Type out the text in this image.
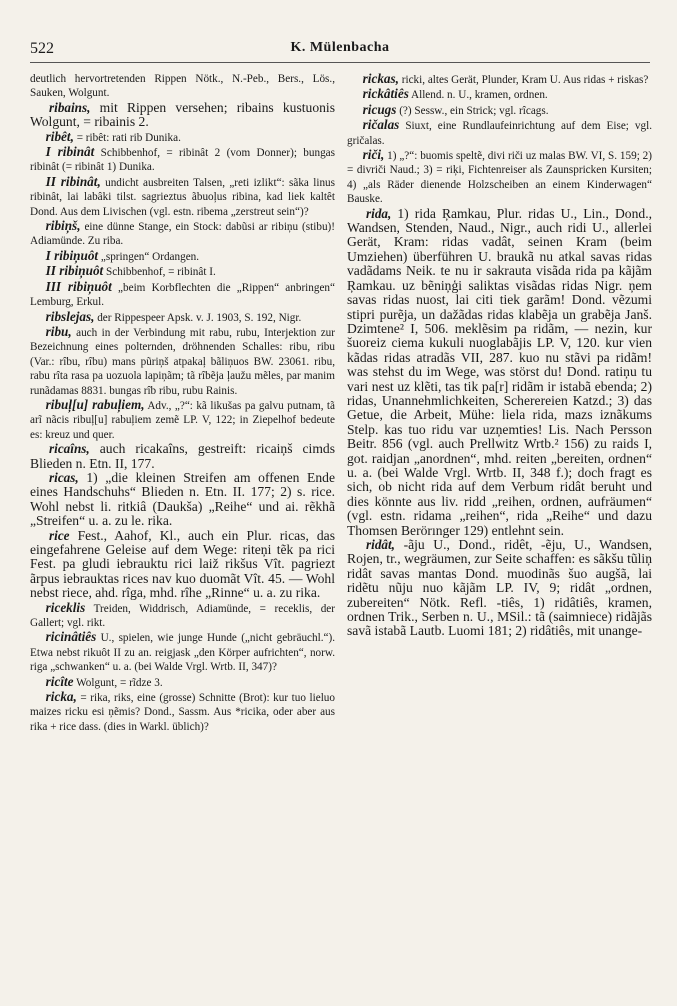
522	K. Mülenbacha

deutlich hervortretenden Rippen Nötk., N.-Peb., Bers., Lös., Sauken, Wolgunt.

ribains, mit Rippen versehen; ribains kustuonis Wolgunt, = ribainis 2.

ribêt, = ribêt: rati rib Dunika.

I ribinât Schibbenhof, = ribinât 2 (vom Donner); bungas ribinât (= ribinât 1) Dunika.

II ribinât, undicht ausbreiten Talsen, „reti izlikt“: sãka linus ribinât, lai labâki tilst. sagrieztus ãbuoļus ribina, kad liek kaltêt Dond. Aus dem Livischen (vgl. estn. ribema „zerstreut sein“)?

ribiņš, eine dünne Stange, ein Stock: dabũsi ar ribiņu (stibu)! Adiamünde. Zu riba.

I ribiņuôt „springen“ Ordangen.

II ribiņuôt Schibbenhof, = ribinât I.

III ribiņuôt „beim Korbflechten die „Rippen“ anbringen“ Lemburg, Erkul.

ribslejas, der Rippespeer Apsk. v. J. 1903, S. 192, Nigr.

ribu, auch in der Verbindung mit rabu, rubu, Interjektion zur Bezeichnung eines polternden, dröhnenden Schalles: ribu, ribu (Var.: rîbu, rîbu) mans pũriņš atpakaļ bãliņuos BW. 23061. ribu, rabu rîta rasa pa uozuola lapiņãm; tã rîbẽja ļaužu mẽles, par manim runãdamas 8831. bungas rîb ribu, rubu Rainis.

ribuļ[u] rabuļiem, Adv., „?“: kã likušas pa galvu putnam, tã arĩ nãcis ribuļ[u] rabuļiem zemẽ LP. V, 122; in Ziepelhof bedeute es: kreuz und quer.

ricaîns, auch ricakaîns, gestreift: ricaiņš cimds Blieden n. Etn. II, 177.

ricas, 1) „die kleinen Streifen am offenen Ende eines Handschuhs“ Blieden n. Etn. II. 177; 2) s. rice. Wohl nebst li. ritkiâ (Daukša) „Reihe“ und ai. rẽkhã „Streifen“ u. a. zu le. rika.

rice Fest., Aahof, Kl., auch ein Plur. ricas, das eingefahrene Geleise auf dem Wege: riteņi tẽk pa rici Fest. pa gludi iebrauktu rici laiž rikšus Vît. pagriezt ãrpus iebrauktas rices nav kuo duomãt Vît. 45. — Wohl nebst riece, ahd. rîga, mhd. rîhe „Rinne“ u. a. zu rika.

riceklis Treiden, Widdrisch, Adiamünde, = receklis, der Gallert; vgl. rikt.

ricinâtiês U., spielen, wie junge Hunde („nicht gebräuchl.“). Etwa nebst rikuôt II zu an. reigjask „den Körper aufrichten“, norw. riga „schwanken“ u. a. (bei Walde Vrgl. Wrtb. II, 347)?

ricîte Wolgunt, = rĩdze 3.

ricka, = rika, riks, eine (grosse) Schnitte (Brot): kur tuo lieluo maizes ricku esi ņẽmis? Dond., Sassm. Aus *ricika, oder aber aus rika + rice dass. (dies in Warkl. üblich)?

rickas, ricki, altes Gerät, Plunder, Kram U. Aus ridas + riskas?

rickâtiês Allend. n. U., kramen, ordnen.

ricugs (?) Sessw., ein Strick; vgl. rîcags.

ričalas Siuxt, eine Rundlaufeinrichtung auf dem Eise; vgl. gričalas.

riči, 1) „?“: buomis speltẽ, divi riči uz malas BW. VI, S. 159; 2) = divriči Naud.; 3) = riķi, Fichtenreiser als Zaunspricken Kursiten; 4) „als Räder dienende Holzscheiben an einem Kinderwagen“ Bauske.

rida, 1) rida Ŗamkau, Plur. ridas U., Lin., Dond., Wandsen, Stenden, Naud., Nigr., auch ridi U., allerlei Gerät, Kram: ridas vadât, seinen Kram (beim Umziehen) überführen U. braukã nu atkal savas ridas vadãdams Neik. te nu ir sakrauta visãda rida pa kãjãm Ŗamkau. uz bẽniņģi saliktas visãdas ridas Nigr. ņem savas ridas nuost, lai citi tiek garãm! Dond. vẽzumi stipri purẽja, un dažãdas ridas klabẽja un grabẽja Janš. Dzimtene² I, 506. meklẽsim pa ridãm, — nezin, kur šuoreiz ciema kukuli nuoglabãjis LP. V, 120. kur vien kãdas ridas atradãs VII, 287. kuo nu stãvi pa ridãm! was stehst du im Wege, was störst du! Dond. ratiņu tu vari nest uz klẽti, tas tik pa[r] ridãm ir istabã ebenda; 2) ridas, Unannehmlichkeiten, Scherereien Katzd.; 3) das Getue, die Arbeit, Mühe: liela rida, mazs iznãkums Stelp. kas tuo ridu var uzņemties! Lis. Nach Persson Beitr. 856 (vgl. auch Prellwitz Wrtb.² 156) zu raids I, got. raidjan „anordnen“, mhd. reiten „bereiten, ordnen“ u. a. (bei Walde Vrgl. Wrtb. II, 348 f.); doch fragt es sich, ob nicht rida auf dem Verbum ridât beruht und dies könnte aus liv. ridd „reihen, ordnen, aufräumen“ (vgl. estn. ridama „reihen“, rida „Reihe“ und dazu Thomsen Berörınger 129) entlehnt sein.

ridât, -ãju U., Dond., ridêt, -ẽju, U., Wandsen, Rojen, tr., wegräumen, zur Seite schaffen: es sãkšu tũliņ ridât savas mantas Dond. muodinãs šuo augšã, lai ridẽtu nũju nuo kãjãm LP. IV, 9; ridât „ordnen, zubereiten“ Nötk. Refl. -tiês, 1) ridâtiês, kramen, ordnen Trik., Serben n. U., MSil.: tã (saimniece) ridãjãs savã istabã Lautb. Luomi 181; 2) ridâtiês, mit unange-
